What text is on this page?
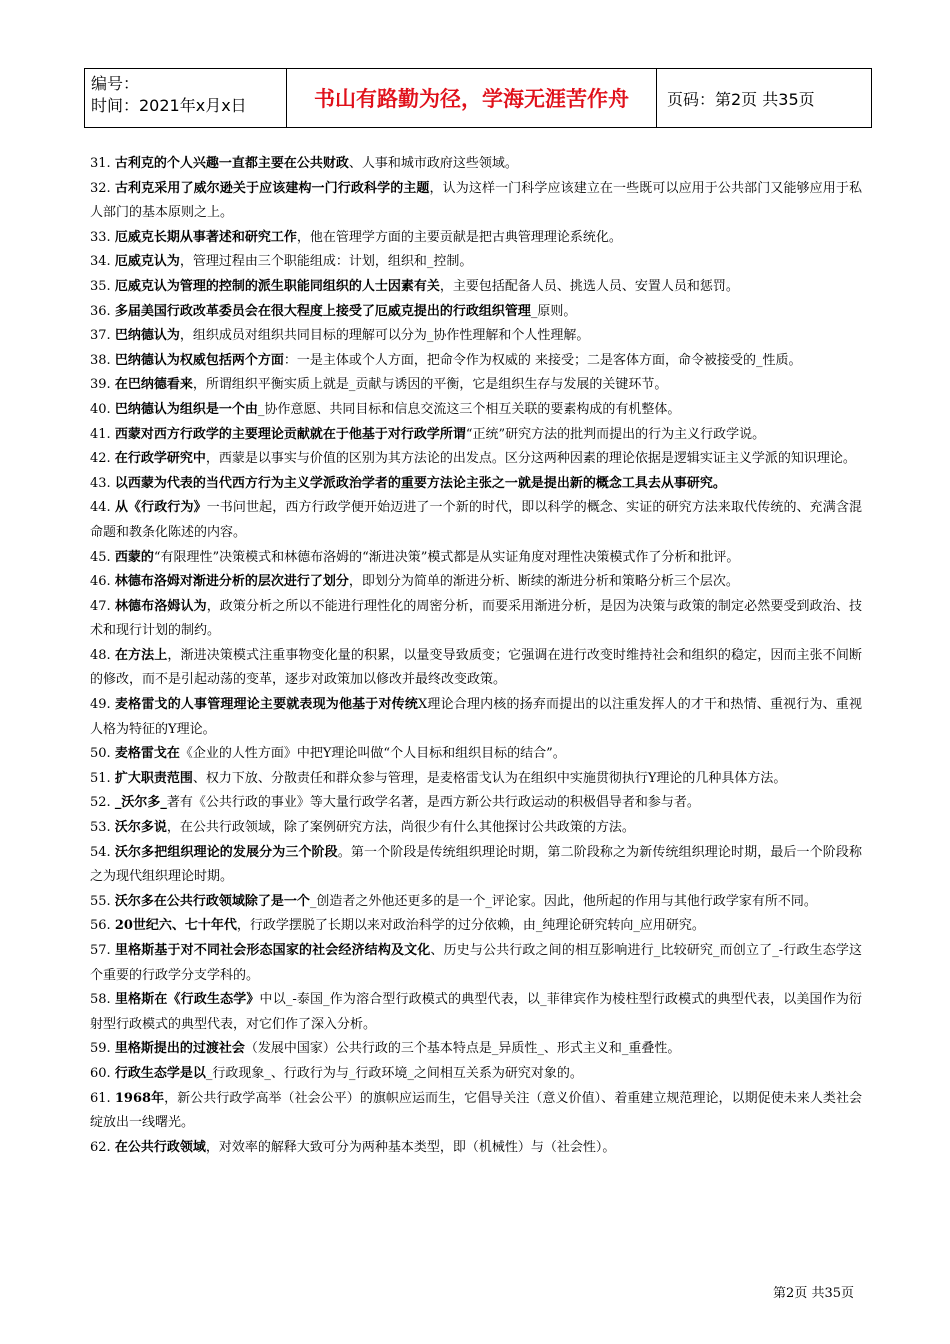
编号：
时间：2021年x月x日	书山有路勤为径，学海无涯苦作舟	页码：第2页 共35页

31. 古利克的个人兴趣一直都主要在公共财政、人事和城市政府这些领域。

32. 古利克采用了威尔逊关于应该建构一门行政科学的主题，认为这样一门科学应该建立在一些既可以应用于公共部门又能够应用于私人部门的基本原则之上。

33. 厄威克长期从事著述和研究工作，他在管理学方面的主要贡献是把古典管理理论系统化。

34. 厄威克认为，管理过程由三个职能组成：计划，组织和_控制。

35. 厄威克认为管理的控制的派生职能同组织的人士因素有关，主要包括配备人员、挑选人员、安置人员和惩罚。

36. 多届美国行政改革委员会在很大程度上接受了厄威克提出的行政组织管理_原则。

37. 巴纳德认为，组织成员对组织共同目标的理解可以分为_协作性理解和个人性理解。

38. 巴纳德认为权威包括两个方面：一是主体或个人方面，把命令作为权威的 来接受；二是客体方面，命令被接受的_性质。

39. 在巴纳德看来，所谓组织平衡实质上就是_贡献与诱因的平衡，它是组织生存与发展的关键环节。

40. 巴纳德认为组织是一个由_协作意愿、共同目标和信息交流这三个相互关联的要素构成的有机整体。

41. 西蒙对西方行政学的主要理论贡献就在于他基于对行政学所谓“正统”研究方法的批判而提出的行为主义行政学说。

42. 在行政学研究中，西蒙是以事实与价值的区别为其方法论的出发点。区分这两种因素的理论依据是逻辑实证主义学派的知识理论。

43. 以西蒙为代表的当代西方行为主义学派政治学者的重要方法论主张之一就是提出新的概念工具去从事研究。

44. 从《行政行为》一书问世起，西方行政学便开始迈进了一个新的时代，即以科学的概念、实证的研究方法来取代传统的、充满含混命题和教条化陈述的内容。

45. 西蒙的“有限理性”决策模式和林德布洛姆的“渐进决策”模式都是从实证角度对理性决策模式作了分析和批评。

46. 林德布洛姆对渐进分析的层次进行了划分，即划分为简单的渐进分析、断续的渐进分析和策略分析三个层次。

47. 林德布洛姆认为，政策分析之所以不能进行理性化的周密分析，而要采用渐进分析，是因为决策与政策的制定必然要受到政治、技术和现行计划的制约。

48. 在方法上，渐进决策模式注重事物变化量的积累，以量变导致质变；它强调在进行改变时维持社会和组织的稳定，因而主张不间断的修改，而不是引起动荡的变革，逐步对政策加以修改并最终改变政策。

49. 麦格雷戈的人事管理理论主要就表现为他基于对传统X理论合理内核的扬弃而提出的以注重发挥人的才干和热情、重视行为、重视人格为特征的Y理论。

50. 麦格雷戈在《企业的人性方面》中把Y理论叫做“个人目标和组织目标的结合”。

51. 扩大职责范围、权力下放、分散责任和群众参与管理，是麦格雷戈认为在组织中实施贯彻执行Y理论的几种具体方法。

52. _沃尔多_著有《公共行政的事业》等大量行政学名著，是西方新公共行政运动的积极倡导者和参与者。

53. 沃尔多说，在公共行政领域，除了案例研究方法，尚很少有什么其他探讨公共政策的方法。

54. 沃尔多把组织理论的发展分为三个阶段。第一个阶段是传统组织理论时期，第二阶段称之为新传统组织理论时期，最后一个阶段称之为现代组织理论时期。

55. 沃尔多在公共行政领域除了是一个_创造者之外他还更多的是一个_评论家。因此，他所起的作用与其他行政学家有所不同。

56. 20世纪六、七十年代，行政学摆脱了长期以来对政治科学的过分依赖，由_纯理论研究转向_应用研究。

57. 里格斯基于对不同社会形态国家的社会经济结构及文化、历史与公共行政之间的相互影响进行_比较研究_而创立了_-行政生态学这个重要的行政学分支学科的。

58. 里格斯在《行政生态学》中以_-泰国_作为溶合型行政模式的典型代表，以_菲律宾作为棱柱型行政模式的典型代表，以美国作为衍射型行政模式的典型代表，对它们作了深入分析。

59. 里格斯提出的过渡社会（发展中国家）公共行政的三个基本特点是_异质性_、形式主义和_重叠性。

60. 行政生态学是以_行政现象_、行政行为与_行政环境_之间相互关系为研究对象的。

61. 1968年，新公共行政学高举（社会公平）的旗帜应运而生，它倡导关注（意义价值）、着重建立规范理论，以期促使未来人类社会绽放出一线曙光。

62. 在公共行政领域，对效率的解释大致可分为两种基本类型，即（机械性）与（社会性）。

第2页 共35页
